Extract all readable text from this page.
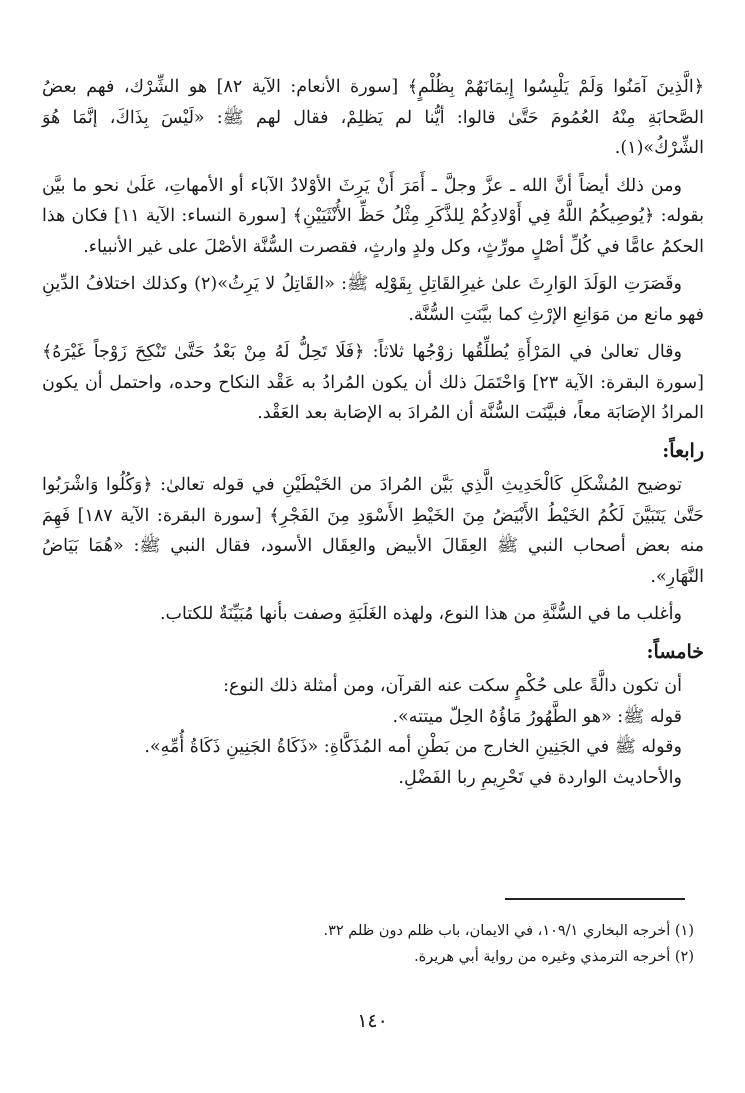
﴿الَّذِينَ آمَنُوا وَلَمْ يَلْبِسُوا إِيمَانَهُمْ بِظُلْمٍ﴾ [سورة الأنعام: الآية ٨٢] هو الشِّرْك، فهم بعضُ الصَّحابَةِ مِنْهُ العُمُومَ حَتَّىٰ قالوا: أيُّنا لم يَظلِمْ، فقال لهم ﷺ: «لَيْسَ بِذَاكَ، إنَّمَا هُوَ الشِّرْكُ»(١).

ومن ذلك أيضاً أنَّ الله ـ عزَّ وجلَّ ـ أَمَرَ أَنْ يَرِثَ الأوْلادُ الآباء أو الأمهاتِ، عَلَىٰ نحو ما بيَّن بقوله: ﴿يُوصِيكُمُ اللَّهُ فِي أَوْلادِكُمْ لِلذَّكَرِ مِثْلُ حَظِّ الأُنْثَيَيْنِ﴾ [سورة النساء: الآية ١١] فكان هذا الحكمُ عامًّا في كُلِّ أصْلٍ مورِّثٍ، وكل ولدٍ وارثٍ، فقصرت السُّنَّة الأصْلَ على غير الأنبياء.

وقَصَرَتِ الوَلَدَ الوَارِثَ علىٰ غيرِالقَاتِلِ بِقَوْلِه ﷺ: «القَاتِلُ لا يَرِثُ»(٢) وكذلك اختلافُ الدِّينِ فهو مانع من مَوَانِعِ الإرْثِ كما بيَّنَتِ السُّنَّة.

وقال تعالىٰ في المَرْأَةِ يُطلِّقُها زوْجُها ثلاثاً: ﴿فَلَا تَحِلُّ لَهُ مِنْ بَعْدُ حَتَّىٰ تَنْكِحَ زَوْجاً غَيْرَهُ﴾ [سورة البقرة: الآية ٢٣] وَاحْتَمَلَ ذلك أن يكون المُرادُ به عَقْد النكاح وحده، واحتمل أن يكون المرادُ الإصَابَة معاً، فبيَّنَت السُّنَّة أن المُرادَ به الإصَابة بعد العَقْد.

رابعاً:

توضيح المُشْكَلِ كَالْحَدِيثِ الَّذِي بَيَّن المُرادَ من الخَيْطَيْنِ في قوله تعالىٰ: ﴿وَكُلُوا وَاشْرَبُوا حَتَّىٰ يَتَبَيَّنَ لَكُمُ الخَيْطُ الأَبْيَضُ مِنَ الخَيْطِ الأَسْوَدِ مِنَ الفَجْرِ﴾ [سورة البقرة: الآية ١٨٧] فَهِمَ منه بعض أصحاب النبي ﷺ العِقَالَ الأبيض والعِقَال الأسود، فقال النبي ﷺ: «هُمَا بَيَاضُ النَّهَارِ».

وأغلب ما في السُّنَّةِ من هذا النوع، ولهذه الغَلَبَةِ وصفت بأنها مُبَيِّنَةٌ للكتاب.

خامساً:

أن تكون دالَّةً على حُكْمٍ سكت عنه القرآن، ومن أمثلة ذلك النوع:

قوله ﷺ: «هو الطَّهُورُ مَاؤُهُ الحِلّ ميتته».

وقوله ﷺ في الجَنِينِ الخارج من بَطْنِ أمه المُذَكَّاةِ: «ذَكَاةُ الجَنِينِ ذَكَاةُ أُمِّهِ».

والأحاديث الواردة في تَحْرِيمِ ربا الفَضْلِ.

(١) أخرجه البخاري ١٠٩/١، في الايمان، باب ظلم دون ظلم ٣٢.

(٢) أخرجه الترمذي وغيره من رواية أبي هريرة.

١٤٠
